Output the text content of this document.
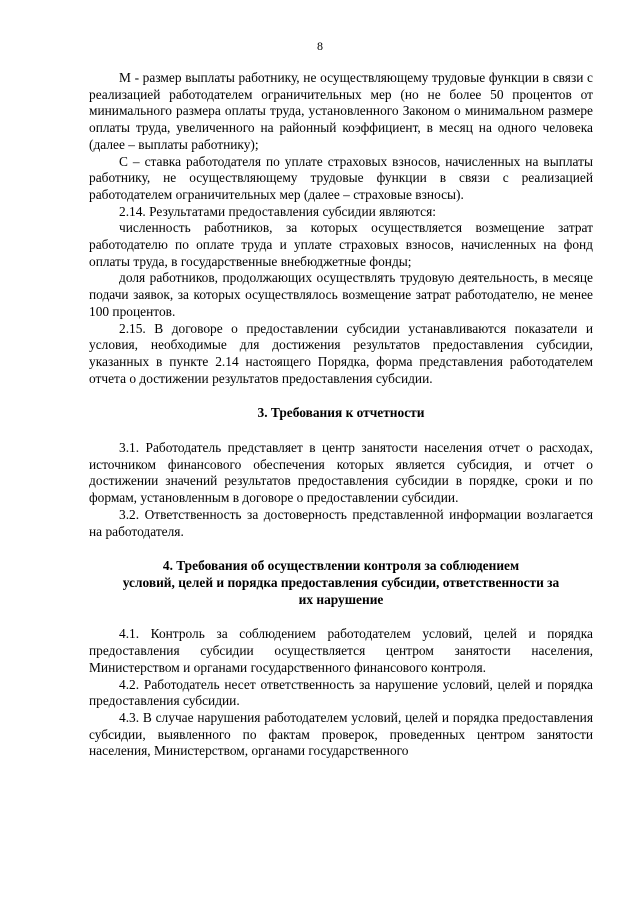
8

М - размер выплаты работнику, не осуществляющему трудовые функции в связи с реализацией работодателем ограничительных мер (но не более 50 процентов от минимального размера оплаты труда, установленного Законом о минимальном размере оплаты труда, увеличенного на районный коэффициент, в месяц на одного человека (далее – выплаты работнику);

С – ставка работодателя по уплате страховых взносов, начисленных на выплаты работнику, не осуществляющему трудовые функции в связи с реализацией работодателем ограничительных мер (далее – страховые взносы).

2.14. Результатами предоставления субсидии являются:

численность работников, за которых осуществляется возмещение затрат работодателю по оплате труда и уплате страховых взносов, начисленных на фонд оплаты труда, в государственные внебюджетные фонды;

доля работников, продолжающих осуществлять трудовую деятельность, в месяце подачи заявок, за которых осуществлялось возмещение затрат работодателю, не менее 100 процентов.

2.15. В договоре о предоставлении субсидии устанавливаются показатели и условия, необходимые для достижения результатов предоставления субсидии, указанных в пункте 2.14 настоящего Порядка, форма представления работодателем отчета о достижении результатов предоставления субсидии.

3. Требования к отчетности

3.1. Работодатель представляет в центр занятости населения отчет о расходах, источником финансового обеспечения которых является субсидия, и отчет о достижении значений результатов предоставления субсидии в порядке, сроки и по формам, установленным в договоре о предоставлении субсидии.

3.2. Ответственность за достоверность представленной информации возлагается на работодателя.

4. Требования об осуществлении контроля за соблюдением

условий, целей и порядка предоставления субсидии, ответственности за

их нарушение

4.1. Контроль за соблюдением работодателем условий, целей и порядка предоставления субсидии осуществляется центром занятости населения, Министерством и органами государственного финансового контроля.

4.2. Работодатель несет ответственность за нарушение условий, целей и порядка предоставления субсидии.

4.3. В случае нарушения работодателем условий, целей и порядка предоставления субсидии, выявленного по фактам проверок, проведенных центром занятости населения, Министерством, органами государственного
